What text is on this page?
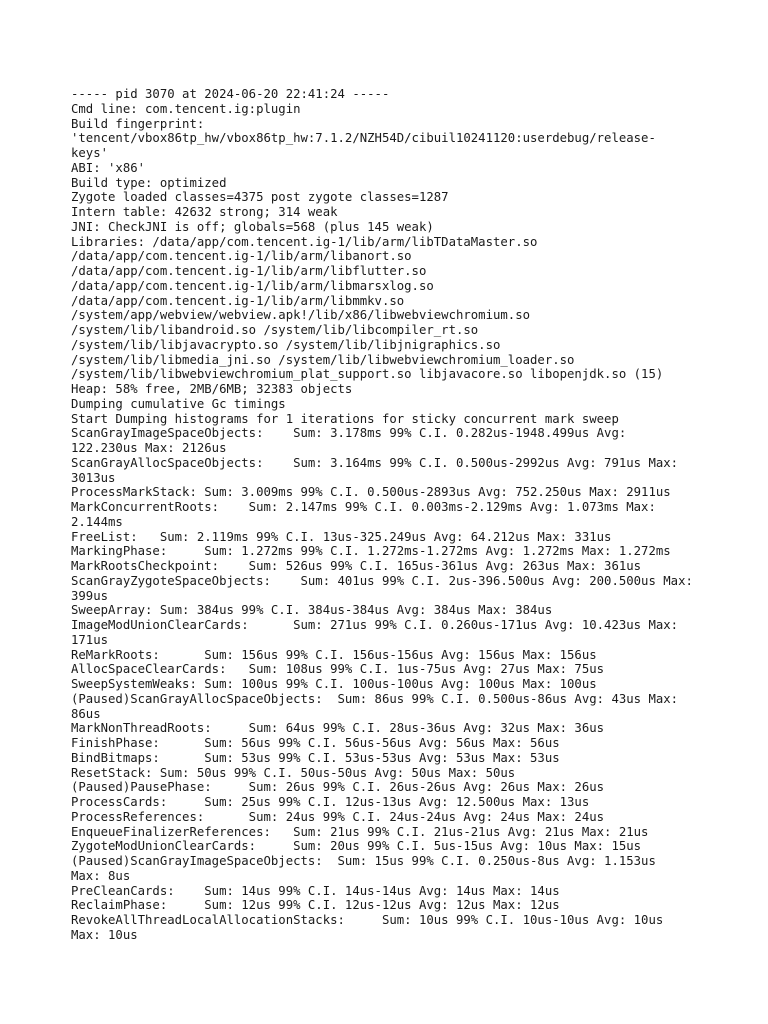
----- pid 3070 at 2024-06-20 22:41:24 -----
Cmd line: com.tencent.ig:plugin
Build fingerprint:
'tencent/vbox86tp_hw/vbox86tp_hw:7.1.2/NZH54D/cibuil10241120:userdebug/release-
keys'
ABI: 'x86'
Build type: optimized
Zygote loaded classes=4375 post zygote classes=1287
Intern table: 42632 strong; 314 weak
JNI: CheckJNI is off; globals=568 (plus 145 weak)
Libraries: /data/app/com.tencent.ig-1/lib/arm/libTDataMaster.so
/data/app/com.tencent.ig-1/lib/arm/libanort.so
/data/app/com.tencent.ig-1/lib/arm/libflutter.so
/data/app/com.tencent.ig-1/lib/arm/libmarsxlog.so
/data/app/com.tencent.ig-1/lib/arm/libmmkv.so
/system/app/webview/webview.apk!/lib/x86/libwebviewchromium.so
/system/lib/libandroid.so /system/lib/libcompiler_rt.so
/system/lib/libjavacrypto.so /system/lib/libjnigraphics.so
/system/lib/libmedia_jni.so /system/lib/libwebviewchromium_loader.so
/system/lib/libwebviewchromium_plat_support.so libjavacore.so libopenjdk.so (15)
Heap: 58% free, 2MB/6MB; 32383 objects
Dumping cumulative Gc timings
Start Dumping histograms for 1 iterations for sticky concurrent mark sweep
ScanGrayImageSpaceObjects:    Sum: 3.178ms 99% C.I. 0.282us-1948.499us Avg:
122.230us Max: 2126us
ScanGrayAllocSpaceObjects:    Sum: 3.164ms 99% C.I. 0.500us-2992us Avg: 791us Max:
3013us
ProcessMarkStack: Sum: 3.009ms 99% C.I. 0.500us-2893us Avg: 752.250us Max: 2911us
MarkConcurrentRoots:    Sum: 2.147ms 99% C.I. 0.003ms-2.129ms Avg: 1.073ms Max:
2.144ms
FreeList:   Sum: 2.119ms 99% C.I. 13us-325.249us Avg: 64.212us Max: 331us
MarkingPhase:     Sum: 1.272ms 99% C.I. 1.272ms-1.272ms Avg: 1.272ms Max: 1.272ms
MarkRootsCheckpoint:    Sum: 526us 99% C.I. 165us-361us Avg: 263us Max: 361us
ScanGrayZygoteSpaceObjects:    Sum: 401us 99% C.I. 2us-396.500us Avg: 200.500us Max:
399us
SweepArray: Sum: 384us 99% C.I. 384us-384us Avg: 384us Max: 384us
ImageModUnionClearCards:      Sum: 271us 99% C.I. 0.260us-171us Avg: 10.423us Max:
171us
ReMarkRoots:      Sum: 156us 99% C.I. 156us-156us Avg: 156us Max: 156us
AllocSpaceClearCards:   Sum: 108us 99% C.I. 1us-75us Avg: 27us Max: 75us
SweepSystemWeaks: Sum: 100us 99% C.I. 100us-100us Avg: 100us Max: 100us
(Paused)ScanGrayAllocSpaceObjects:  Sum: 86us 99% C.I. 0.500us-86us Avg: 43us Max:
86us
MarkNonThreadRoots:     Sum: 64us 99% C.I. 28us-36us Avg: 32us Max: 36us
FinishPhase:      Sum: 56us 99% C.I. 56us-56us Avg: 56us Max: 56us
BindBitmaps:      Sum: 53us 99% C.I. 53us-53us Avg: 53us Max: 53us
ResetStack: Sum: 50us 99% C.I. 50us-50us Avg: 50us Max: 50us
(Paused)PausePhase:     Sum: 26us 99% C.I. 26us-26us Avg: 26us Max: 26us
ProcessCards:     Sum: 25us 99% C.I. 12us-13us Avg: 12.500us Max: 13us
ProcessReferences:      Sum: 24us 99% C.I. 24us-24us Avg: 24us Max: 24us
EnqueueFinalizerReferences:   Sum: 21us 99% C.I. 21us-21us Avg: 21us Max: 21us
ZygoteModUnionClearCards:     Sum: 20us 99% C.I. 5us-15us Avg: 10us Max: 15us
(Paused)ScanGrayImageSpaceObjects:  Sum: 15us 99% C.I. 0.250us-8us Avg: 1.153us
Max: 8us
PreCleanCards:    Sum: 14us 99% C.I. 14us-14us Avg: 14us Max: 14us
ReclaimPhase:     Sum: 12us 99% C.I. 12us-12us Avg: 12us Max: 12us
RevokeAllThreadLocalAllocationStacks:     Sum: 10us 99% C.I. 10us-10us Avg: 10us
Max: 10us
